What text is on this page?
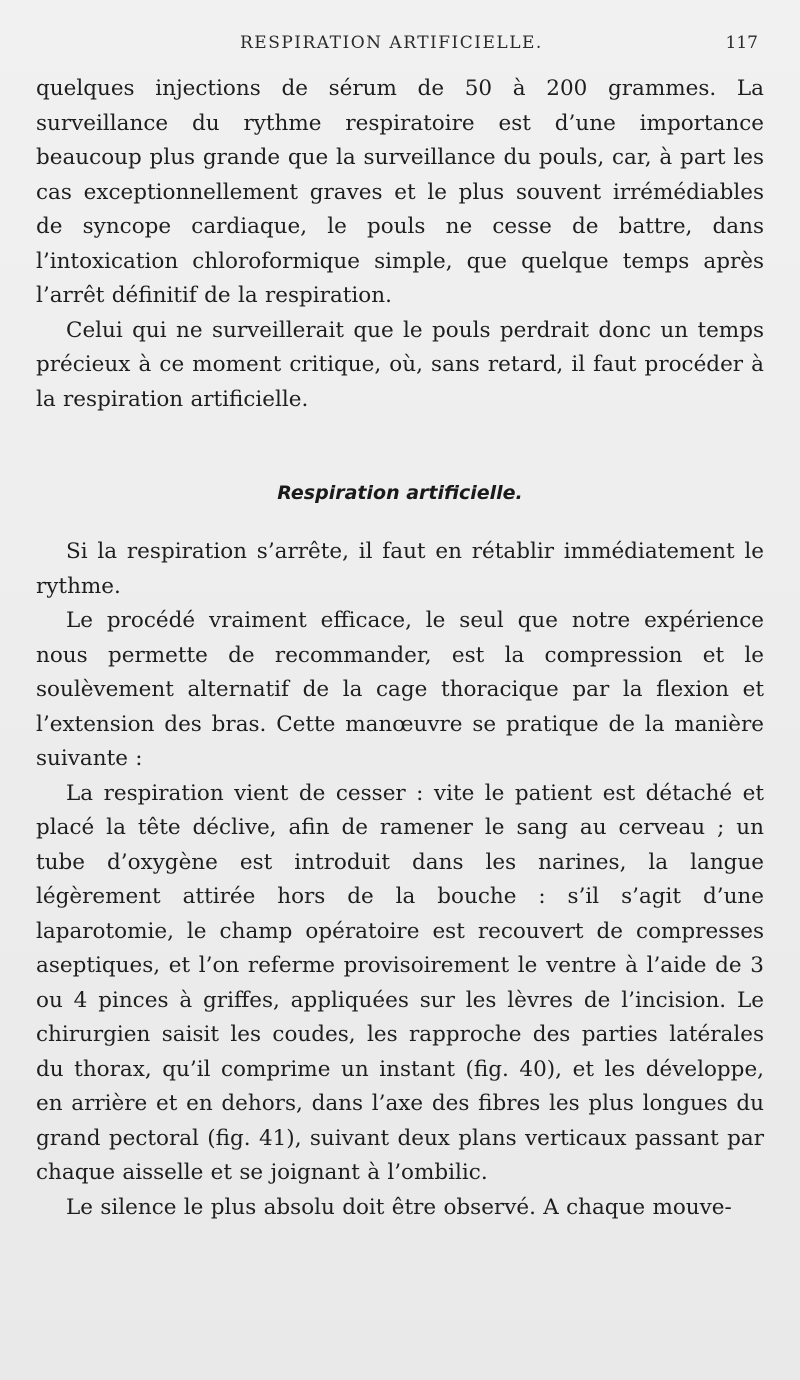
RESPIRATION ARTIFICIELLE.	117

quelques injections de sérum de 50 à 200 grammes. La surveillance du rythme respiratoire est d’une importance beaucoup plus grande que la surveillance du pouls, car, à part les cas exceptionnellement graves et le plus souvent irrémédiables de syncope cardiaque, le pouls ne cesse de battre, dans l’intoxication chloroformique simple, que quelque temps après l’arrêt définitif de la respiration.

Celui qui ne surveillerait que le pouls perdrait donc un temps précieux à ce moment critique, où, sans retard, il faut procéder à la respiration artificielle.

Respiration artificielle.

Si la respiration s’arrête, il faut en rétablir immédiatement le rythme.

Le procédé vraiment efficace, le seul que notre expérience nous permette de recommander, est la compression et le soulèvement alternatif de la cage thoracique par la flexion et l’extension des bras. Cette manœuvre se pratique de la manière suivante :

La respiration vient de cesser : vite le patient est détaché et placé la tête déclive, afin de ramener le sang au cerveau ; un tube d’oxygène est introduit dans les narines, la langue légèrement attirée hors de la bouche : s’il s’agit d’une laparotomie, le champ opératoire est recouvert de compresses aseptiques, et l’on referme provisoirement le ventre à l’aide de 3 ou 4 pinces à griffes, appliquées sur les lèvres de l’incision. Le chirurgien saisit les coudes, les rapproche des parties latérales du thorax, qu’il comprime un instant (fig. 40), et les développe, en arrière et en dehors, dans l’axe des fibres les plus longues du grand pectoral (fig. 41), suivant deux plans verticaux passant par chaque aisselle et se joignant à l’ombilic.

Le silence le plus absolu doit être observé. A chaque mouve-
